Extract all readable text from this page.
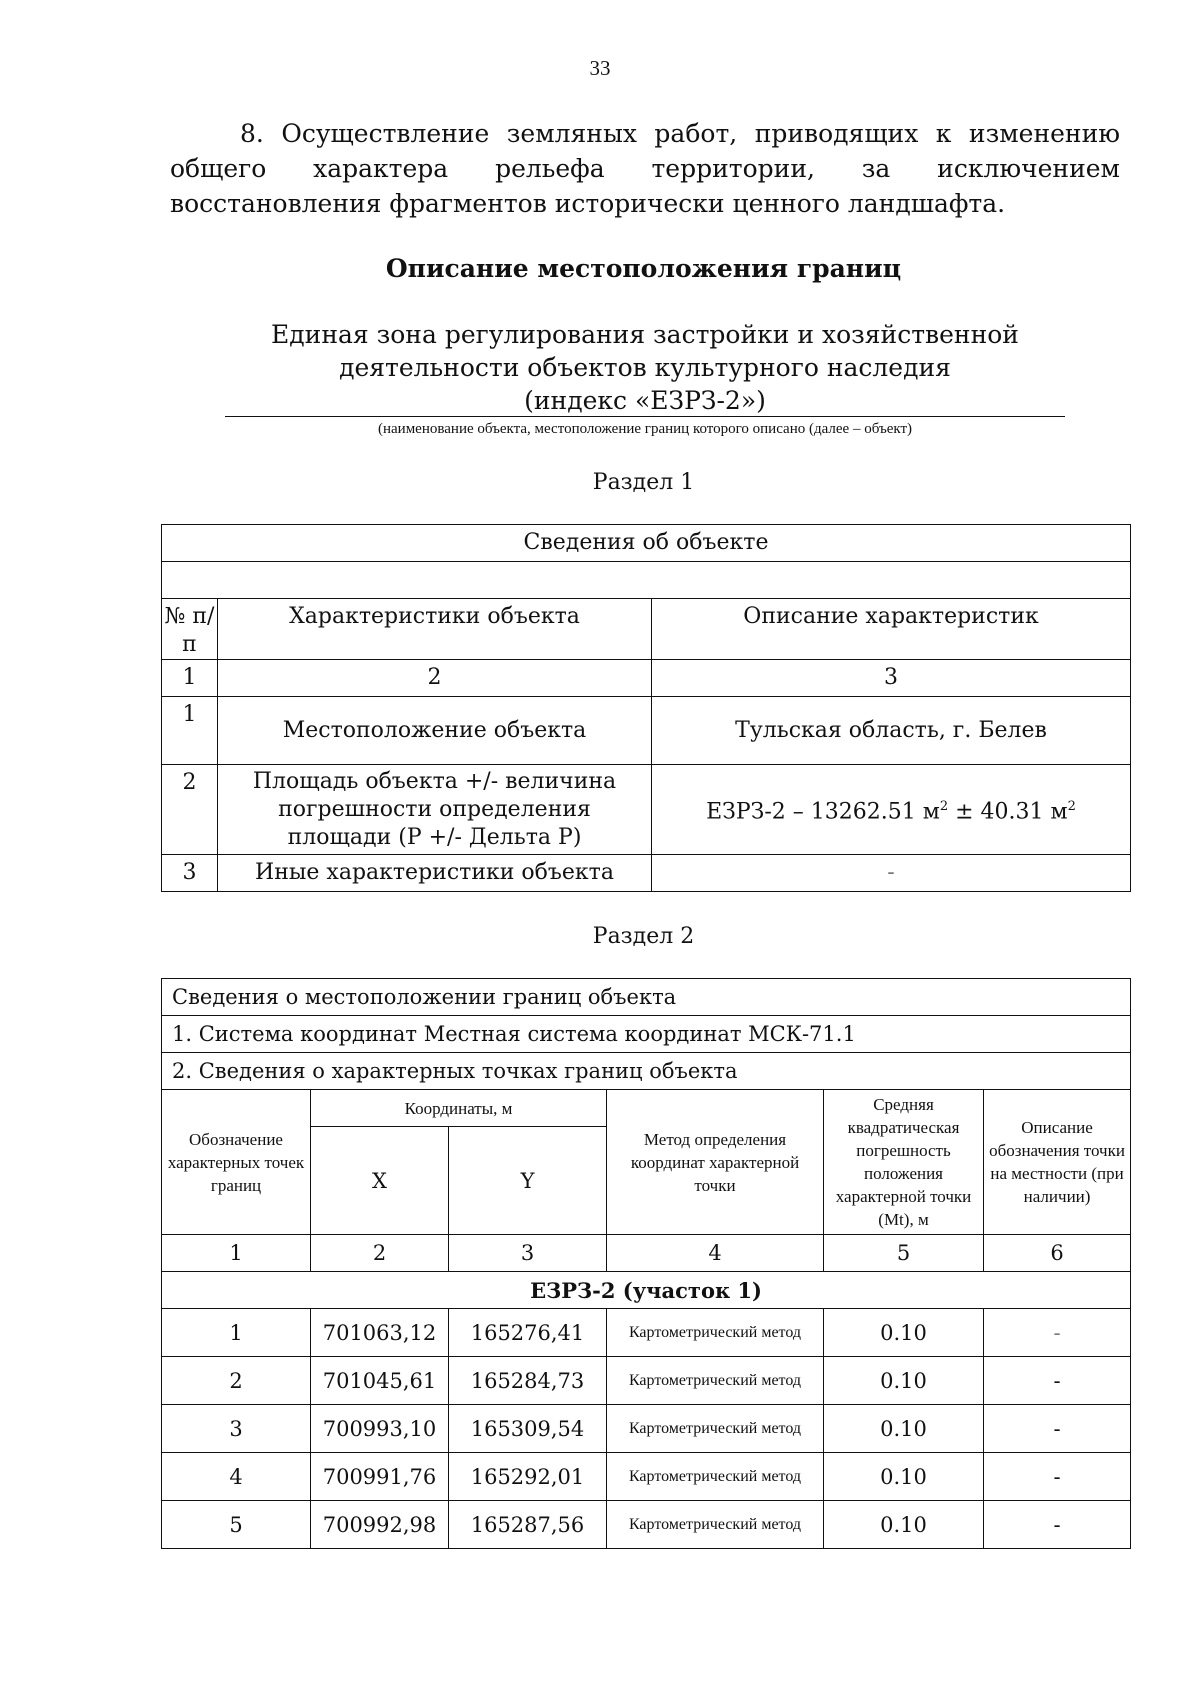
33
8. Осуществление земляных работ, приводящих к изменению общего характера рельефа территории, за исключением восстановления фрагментов исторически ценного ландшафта.
Описание местоположения границ
Единая зона регулирования застройки и хозяйственной
деятельности объектов культурного наследия
(индекс «ЕЗРЗ-2»)
(наименование объекта, местоположение границ которого описано (далее – объект)
Раздел 1
Сведения об объекте		

№ п/п	Характеристики объекта	Описание характеристик
1	2	3
1	Местоположение объекта	Тульская область, г. Белев
2	Площадь объекта +/- величина погрешности определения площади (Р +/- Дельта Р)	ЕЗРЗ-2 – 13262.51 $м^2 \pm 40.31$ $м^2$
3	Иные характеристики объекта	-
Раздел 2
Сведения о местоположении границ объекта					
1. Система координат Местная система координат МСК-71.1					
2. Сведения о характерных точках границ объекта					
Обозначение характерных точек границ	Координаты, м		Метод определения координат характерной точки	Средняя квадратическая погрешность положения характерной точки (Mt), м	Описание обозначения точки на местности (при наличии)
	X	Y			
1	2	3	4	5	6
ЕЗРЗ-2 (участок 1)					
1	701063,12	165276,41	Картометрический метод	0.10	-
2	701045,61	165284,73	Картометрический метод	0.10	-
3	700993,10	165309,54	Картометрический метод	0.10	-
4	700991,76	165292,01	Картометрический метод	0.10	-
5	700992,98	165287,56	Картометрический метод	0.10	-
